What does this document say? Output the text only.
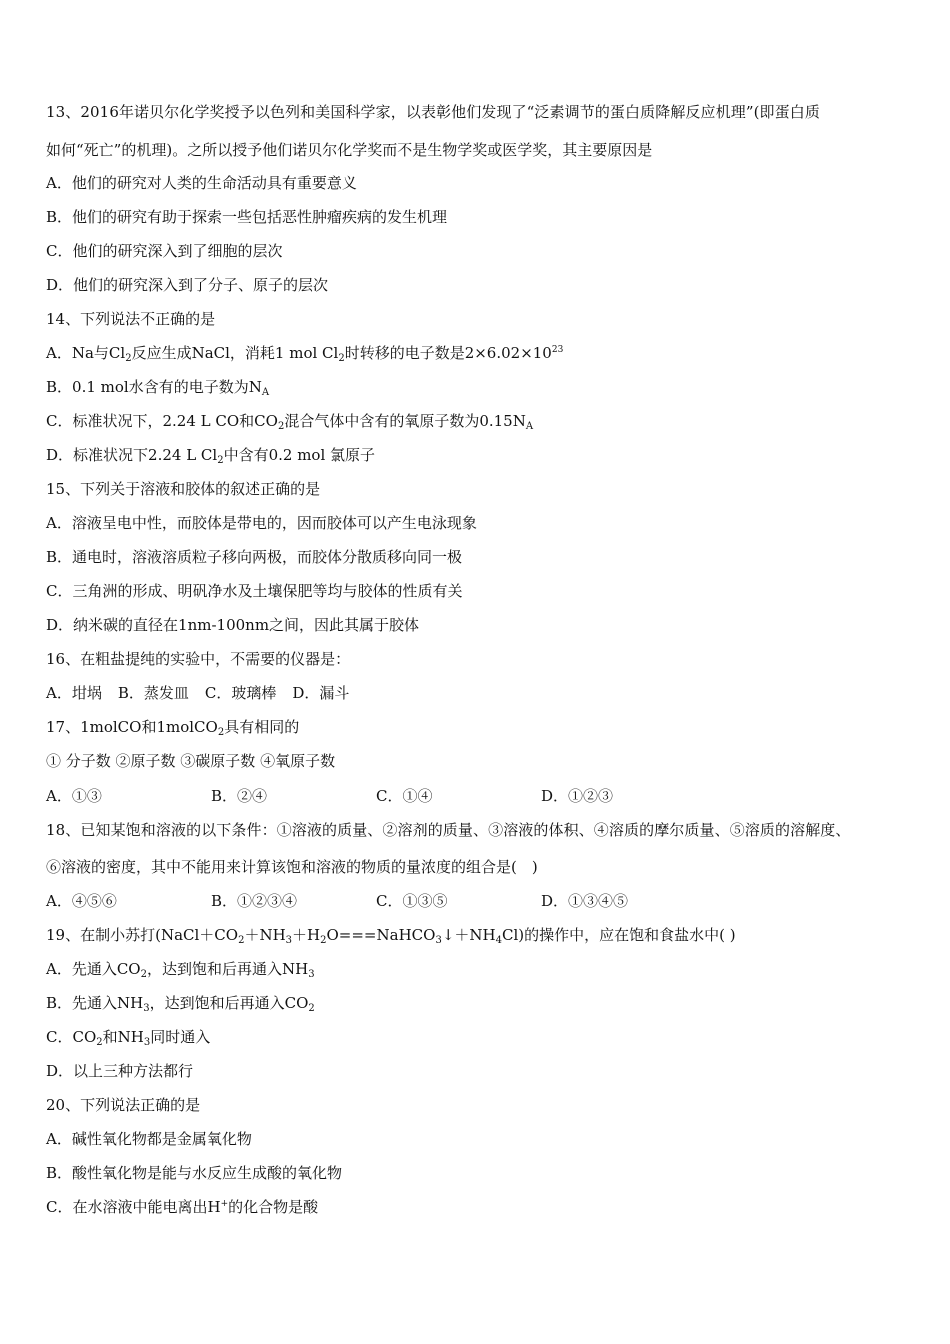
13、2016年诺贝尔化学奖授予以色列和美国科学家，以表彰他们发现了“泛素调节的蛋白质降解反应机理”(即蛋白质
如何“死亡”的机理)。之所以授予他们诺贝尔化学奖而不是生物学奖或医学奖，其主要原因是
A．他们的研究对人类的生命活动具有重要意义
B．他们的研究有助于探索一些包括恶性肿瘤疾病的发生机理
C．他们的研究深入到了细胞的层次
D．他们的研究深入到了分子、原子的层次
14、下列说法不正确的是
A．Na与$Cl_2$反应生成NaCl，消耗1 mol $Cl_2$时转移的电子数是$2\times 6.02\times 10^{23}$
B．0.1 mol水含有的电子数为$N_A$
C．标准状况下，2.24 L CO和$CO_2$混合气体中含有的氧原子数为$0.15N_A$
D．标准状况下2.24 L $Cl_2$中含有0.2 mol 氯原子
15、下列关于溶液和胶体的叙述正确的是
A．溶液呈电中性，而胶体是带电的，因而胶体可以产生电泳现象
B．通电时，溶液溶质粒子移向两极，而胶体分散质移向同一极
C．三角洲的形成、明矾净水及土壤保肥等均与胶体的性质有关
D．纳米碳的直径在1nm-100nm之间，因此其属于胶体
16、在粗盐提纯的实验中，不需要的仪器是：
A．坩埚 B．蒸发皿 C．玻璃棒 D．漏斗
17、1molCO和1molCO$_2$具有相同的
① 分子数 ②原子数 ③碳原子数 ④氧原子数
A．①③	B．②④	C．①④	D．①②③
18、已知某饱和溶液的以下条件：①溶液的质量、②溶剂的质量、③溶液的体积、④溶质的摩尔质量、⑤溶质的溶解度、
⑥溶液的密度，其中不能用来计算该饱和溶液的物质的量浓度的组合是(　)
A．④⑤⑥	B．①②③④	C．①③⑤	D．①③④⑤
19、在制小苏打$(NaCl+CO_2+NH_3+H_2O===NaHCO_3↓+NH_4Cl)$的操作中，应在饱和食盐水中( )
A．先通入$CO_2$，达到饱和后再通入$NH_3$
B．先通入$NH_3$，达到饱和后再通入$CO_2$
C．$CO_2$和$NH_3$同时通入
D．以上三种方法都行
20、下列说法正确的是
A．碱性氧化物都是金属氧化物
B．酸性氧化物是能与水反应生成酸的氧化物
C．在水溶液中能电离出H+的化合物是酸
